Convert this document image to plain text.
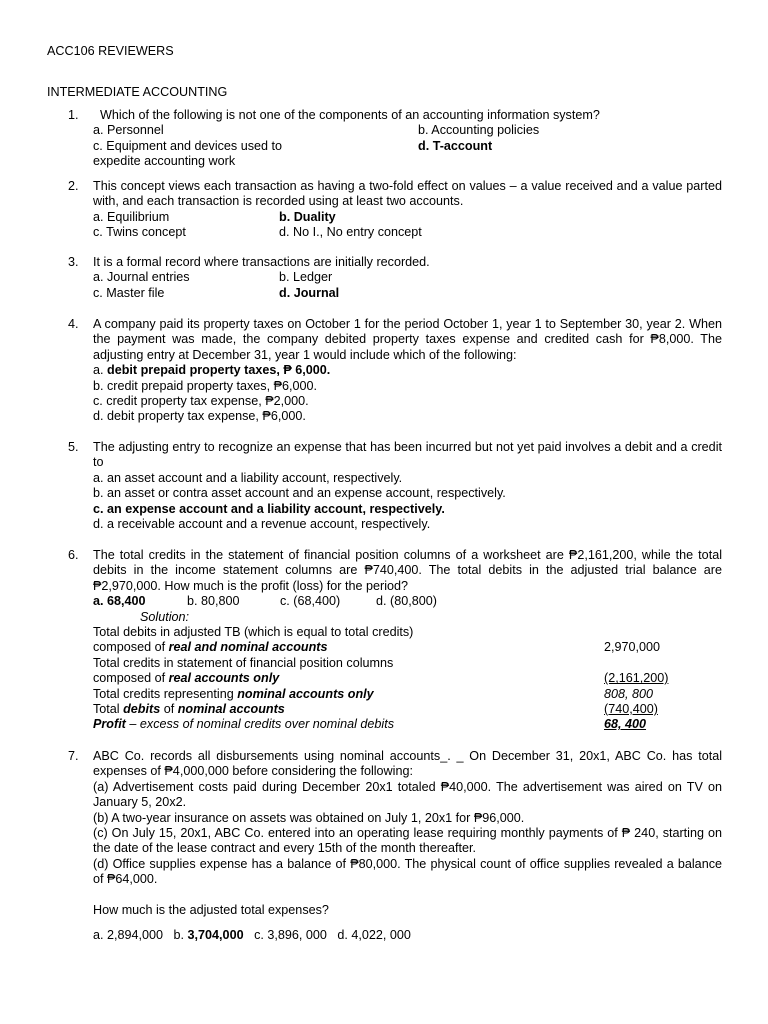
ACC106 REVIEWERS
INTERMEDIATE ACCOUNTING
1.	Which of the following is not one of the components of an accounting information system?
a. Personnel	b. Accounting policies
c. Equipment and devices used to	d. T-account
expedite accounting work
2. This concept views each transaction as having a two-fold effect on values – a value received and a value parted with, and each transaction is recorded using at least two accounts.
a. Equilibrium	b. Duality
c. Twins concept	d. No I., No entry concept
3. It is a formal record where transactions are initially recorded.
a. Journal entries	b. Ledger
c. Master file	d. Journal
4. A company paid its property taxes on October 1 for the period October 1, year 1 to September 30, year 2. When the payment was made, the company debited property taxes expense and credited cash for ₱8,000. The adjusting entry at December 31, year 1 would include which of the following:
a. debit prepaid property taxes, ₱ 6,000.
b. credit prepaid property taxes, ₱6,000.
c. credit property tax expense, ₱2,000.
d. debit property tax expense, ₱6,000.
5. The adjusting entry to recognize an expense that has been incurred but not yet paid involves a debit and a credit to
a. an asset account and a liability account, respectively.
b. an asset or contra asset account and an expense account, respectively.
c. an expense account and a liability account, respectively.
d. a receivable account and a revenue account, respectively.
6. The total credits in the statement of financial position columns of a worksheet are ₱2,161,200, while the total debits in the income statement columns are ₱740,400. The total debits in the adjusted trial balance are ₱2,970,000. How much is the profit (loss) for the period?
a. 68,400	b. 80,800	c. (68,400)	d. (80,800)
Solution:
Total debits in adjusted TB (which is equal to total credits)
composed of real and nominal accounts	2,970,000
Total credits in statement of financial position columns
composed of real accounts only	(2,161,200)
Total credits representing nominal accounts only	808, 800
Total debits of nominal accounts	(740,400)
Profit – excess of nominal credits over nominal debits	68, 400
7. ABC Co. records all disbursements using nominal accounts_. _ On December 31, 20x1, ABC Co. has total expenses of ₱4,000,000 before considering the following:
(a) Advertisement costs paid during December 20x1 totaled ₱40,000. The advertisement was aired on TV on January 5, 20x2.
(b) A two-year insurance on assets was obtained on July 1, 20x1 for ₱96,000.
(c) On July 15, 20x1, ABC Co. entered into an operating lease requiring monthly payments of ₱ 240, starting on the date of the lease contract and every 15th of the month thereafter.
(d) Office supplies expense has a balance of ₱80,000. The physical count of office supplies revealed a balance of ₱64,000.
How much is the adjusted total expenses?
a. 2,894,000 b. 3,704,000 c. 3,896, 000 d. 4,022, 000
